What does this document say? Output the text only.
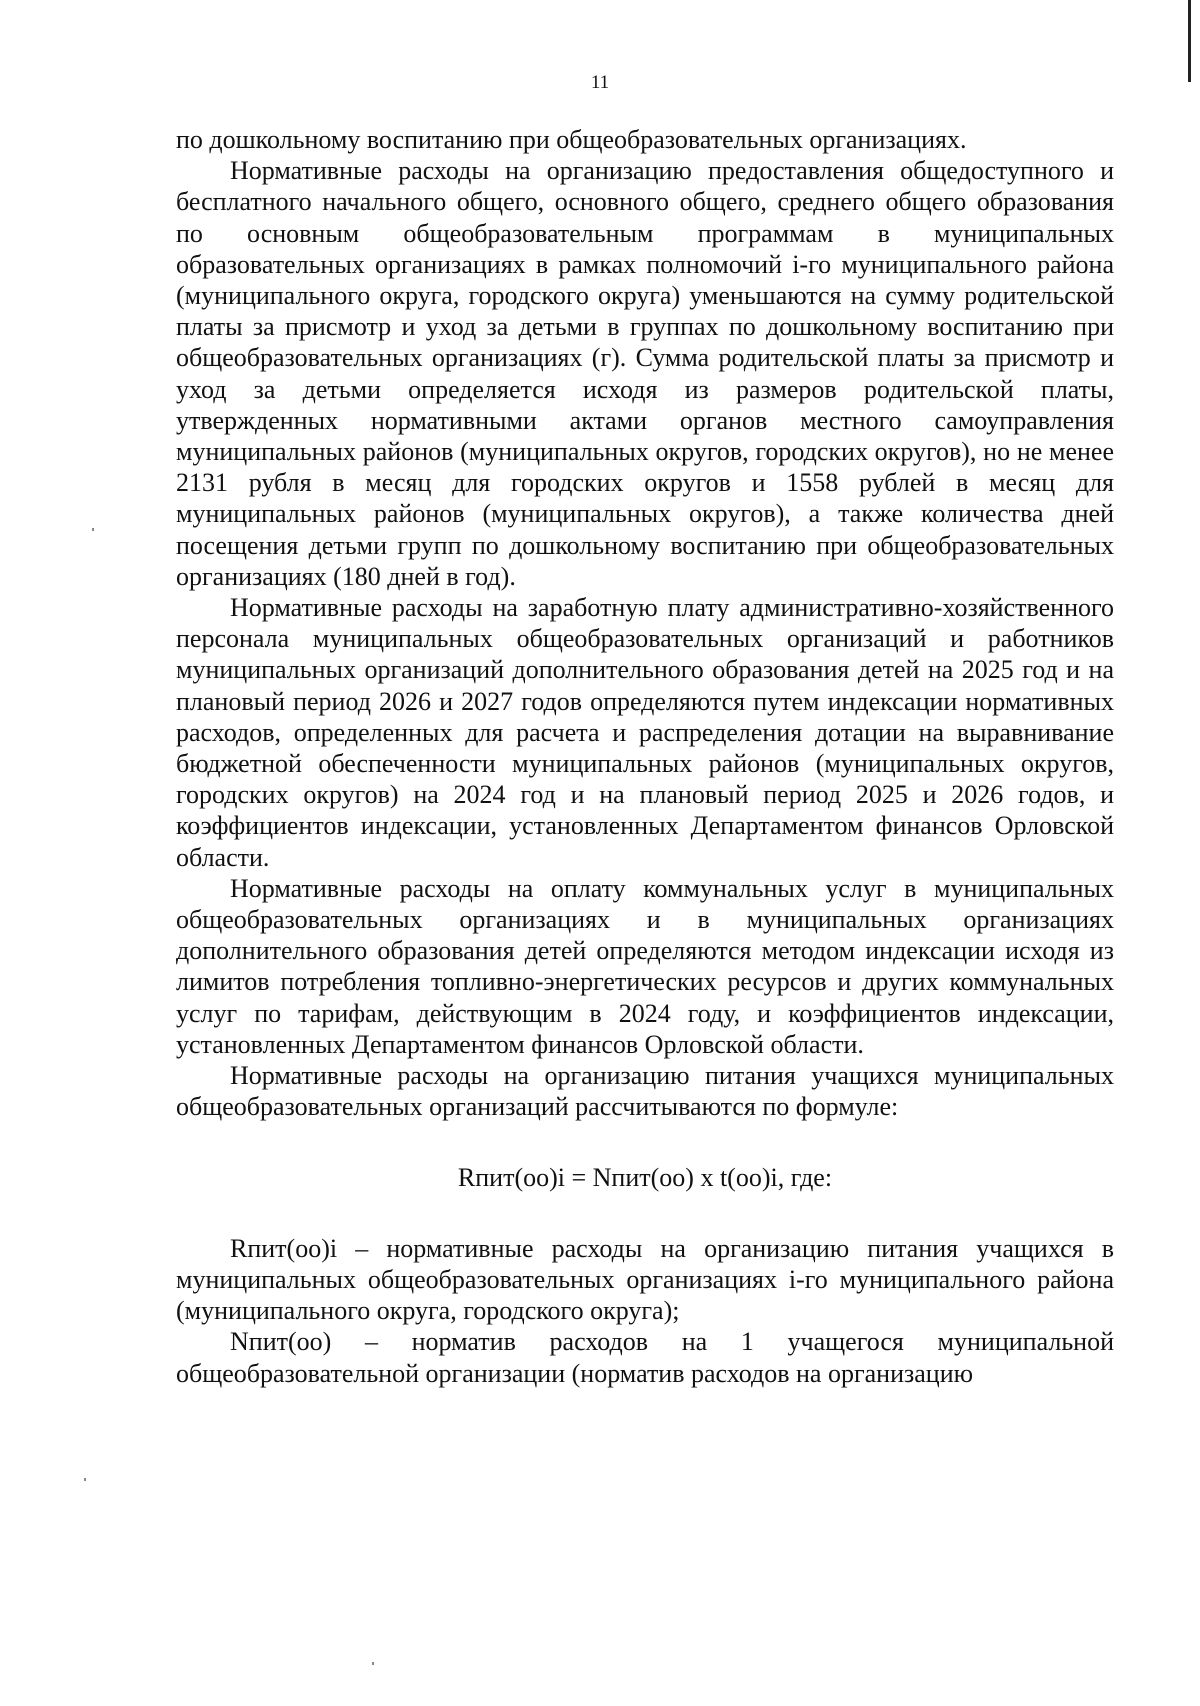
11

по дошкольному воспитанию при общеобразовательных организациях.

Нормативные расходы на организацию предоставления общедоступного и бесплатного начального общего, основного общего, среднего общего образования по основным общеобразовательным программам в муниципальных образовательных организациях в рамках полномочий i-го муниципального района (муниципального округа, городского округа) уменьшаются на сумму родительской платы за присмотр и уход за детьми в группах по дошкольному воспитанию при общеобразовательных организациях (г). Сумма родительской платы за присмотр и уход за детьми определяется исходя из размеров родительской платы, утвержденных нормативными актами органов местного самоуправления муниципальных районов (муниципальных округов, городских округов), но не менее 2131 рубля в месяц для городских округов и 1558 рублей в месяц для муниципальных районов (муниципальных округов), а также количества дней посещения детьми групп по дошкольному воспитанию при общеобразовательных организациях (180 дней в год).

Нормативные расходы на заработную плату административно-хозяйственного персонала муниципальных общеобразовательных организаций и работников муниципальных организаций дополнительного образования детей на 2025 год и на плановый период 2026 и 2027 годов определяются путем индексации нормативных расходов, определенных для расчета и распределения дотации на выравнивание бюджетной обеспеченности муниципальных районов (муниципальных округов, городских округов) на 2024 год и на плановый период 2025 и 2026 годов, и коэффициентов индексации, установленных Департаментом финансов Орловской области.

Нормативные расходы на оплату коммунальных услуг в муниципальных общеобразовательных организациях и в муниципальных организациях дополнительного образования детей определяются методом индексации исходя из лимитов потребления топливно-энергетических ресурсов и других коммунальных услуг по тарифам, действующим в 2024 году, и коэффициентов индексации, установленных Департаментом финансов Орловской области.

Нормативные расходы на организацию питания учащихся муниципальных общеобразовательных организаций рассчитываются по формуле:

Rпит(оо)i = Nпит(оо) x t(оо)i, где:

Rпит(оо)i – нормативные расходы на организацию питания учащихся в муниципальных общеобразовательных организациях i-го муниципального района (муниципального округа, городского округа);

Nпит(оо) – норматив расходов на 1 учащегося муниципальной общеобразовательной организации (норматив расходов на организацию
